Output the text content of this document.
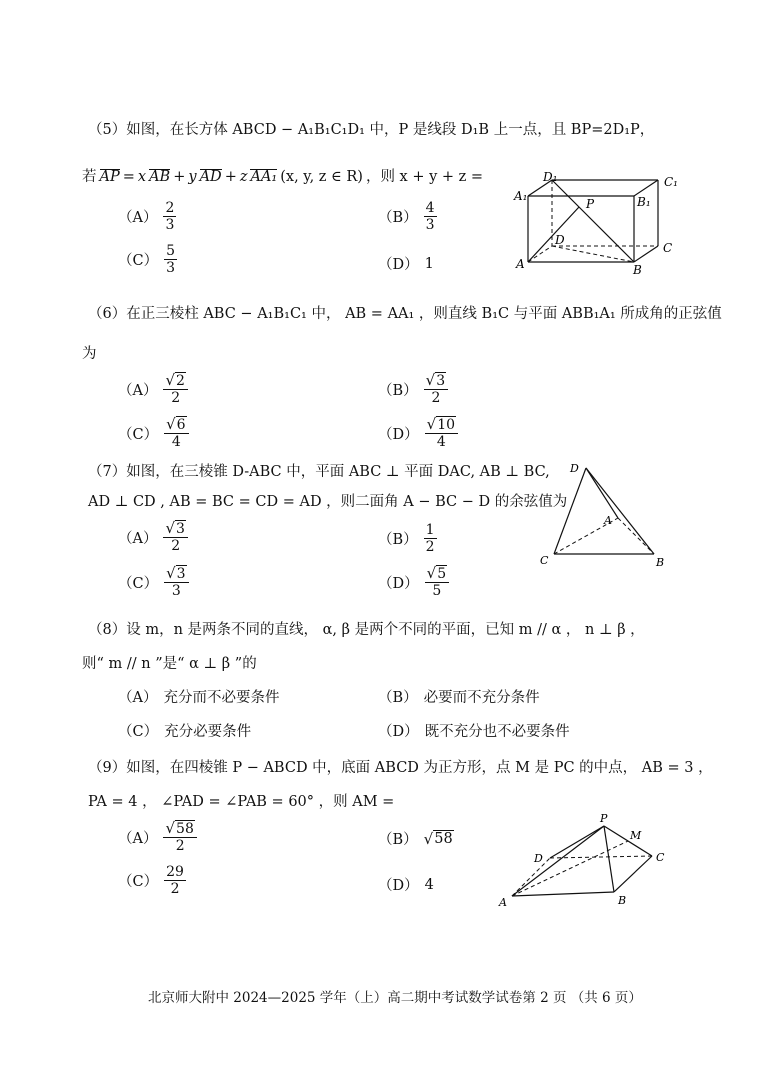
（5）如图，在长方体 ABCD − A₁B₁C₁D₁ 中，P 是线段 D₁B 上一点，且 BP=2D₁P，
若 AP = x AB + y AD + z AA₁ (x, y, z ∈ R) ，则 x + y + z =
$(A) \frac{2}{3}$	$(B) \frac{4}{3}$
$(C) \frac{5}{3}$	（D） 1
D₁	C₁
A₁	B₁
P
D
C
A	B
（6）在正三棱柱 ABC − A₁B₁C₁ 中， AB = AA₁ ，则直线 B₁C 与平面 ABB₁A₁ 所成角的正弦值
为
$(A) \frac{√ 2}{2}$	$(B) \frac{√ 3}{2}$
$(C) \frac{√ 6}{4}$	$(D) \frac{√ 10}{4}$
（7）如图，在三棱锥 D-ABC 中，平面 ABC ⊥ 平面 DAC, AB ⊥ BC,
AD ⊥ CD , AB = BC = CD = AD ，则二面角 A − BC − D 的余弦值为
$(A) \frac{√ 3}{2}$	$(B) \frac{1}{2}$
$(C) \frac{√ 3}{3}$	$(D) \frac{√ 5}{5}$
D
A
C	B
（8）设 m，n 是两条不同的直线， α, β 是两个不同的平面，已知 m // α ， n ⊥ β ，
则“ m // n ”是“ α ⊥ β ”的
（A） 充分而不必要条件	（B） 必要而不充分条件
（C） 充分必要条件	（D） 既不充分也不必要条件
（9）如图，在四棱锥 P − ABCD 中，底面 ABCD 为正方形，点 M 是 PC 的中点， AB = 3 ，
PA = 4 ， ∠PAD = ∠PAB = 60° ，则 AM =
$(A) \frac{√ 58}{2}$	（B） √ 58
$(C) \frac{29}{2}$	（D） 4
P
M
D	C
A	B
北京师大附中 2024—2025 学年（上）高二期中考试数学试卷第 2 页 （共 6 页）
